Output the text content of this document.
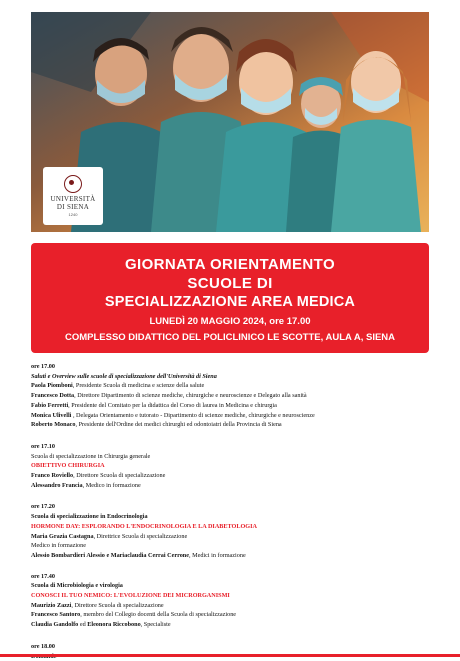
UNIVERSITÀ
DI SIENA
1240
GIORNATA ORIENTAMENTO
SCUOLE DI
SPECIALIZZAZIONE AREA MEDICA
LUNEDÌ 20 MAGGIO 2024, ore 17.00
COMPLESSO DIDATTICO DEL POLICLINICO LE SCOTTE, AULA A, SIENA
ore 17.00
Saluti e Overview sulle scuole di specializzazione dell'Università di Siena
Paola Piomboni, Presidente Scuola di medicina e scienze della salute
Francesco Dotta, Direttore Dipartimento di scienze mediche, chirurgiche e neuroscienze e Delegato alla sanità
Fabio Ferretti, Presidente del Comitato per la didattica del Corso di laurea in Medicina e chirurgia
Monica Ulivelli , Delegata Orientamento e tutorato - Dipartimento di scienze mediche, chirurgiche e neuroscienze
Roberto Monaco, Presidente dell'Ordine dei medici chirurghi ed odontoiatri della Provincia di Siena
ore 17.10
Scuola di specializzazione in Chirurgia generale
OBIETTIVO CHIRURGIA
Franco Roviello, Direttore Scuola di specializzazione
Alessandro Francia, Medico in formazione
ore 17.20
Scuola di specializzazione in Endocrinologia
HORMONE DAY: ESPLORANDO L'ENDOCRINOLOGIA E LA DIABETOLOGIA
Maria Grazia Castagna, Direttrice Scuola di specializzazione
Medico in formazione
Alessio Bombardieri Alessio e Mariaclaudia Cerrai Cerrone, Medici in formazione
ore 17.40
Scuola di Microbiologia e virologia
CONOSCI IL TUO NEMICO: L'EVOLUZIONE DEI MICRORGANISMI
Maurizio Zazzi, Direttore Scuola di specializzazione
Francesco Santoro, membro del Collegio docenti della Scuola di specializzazione
Claudia Gandolfo ed Eleonora Riccobono, Specialiste
ore 18.00
